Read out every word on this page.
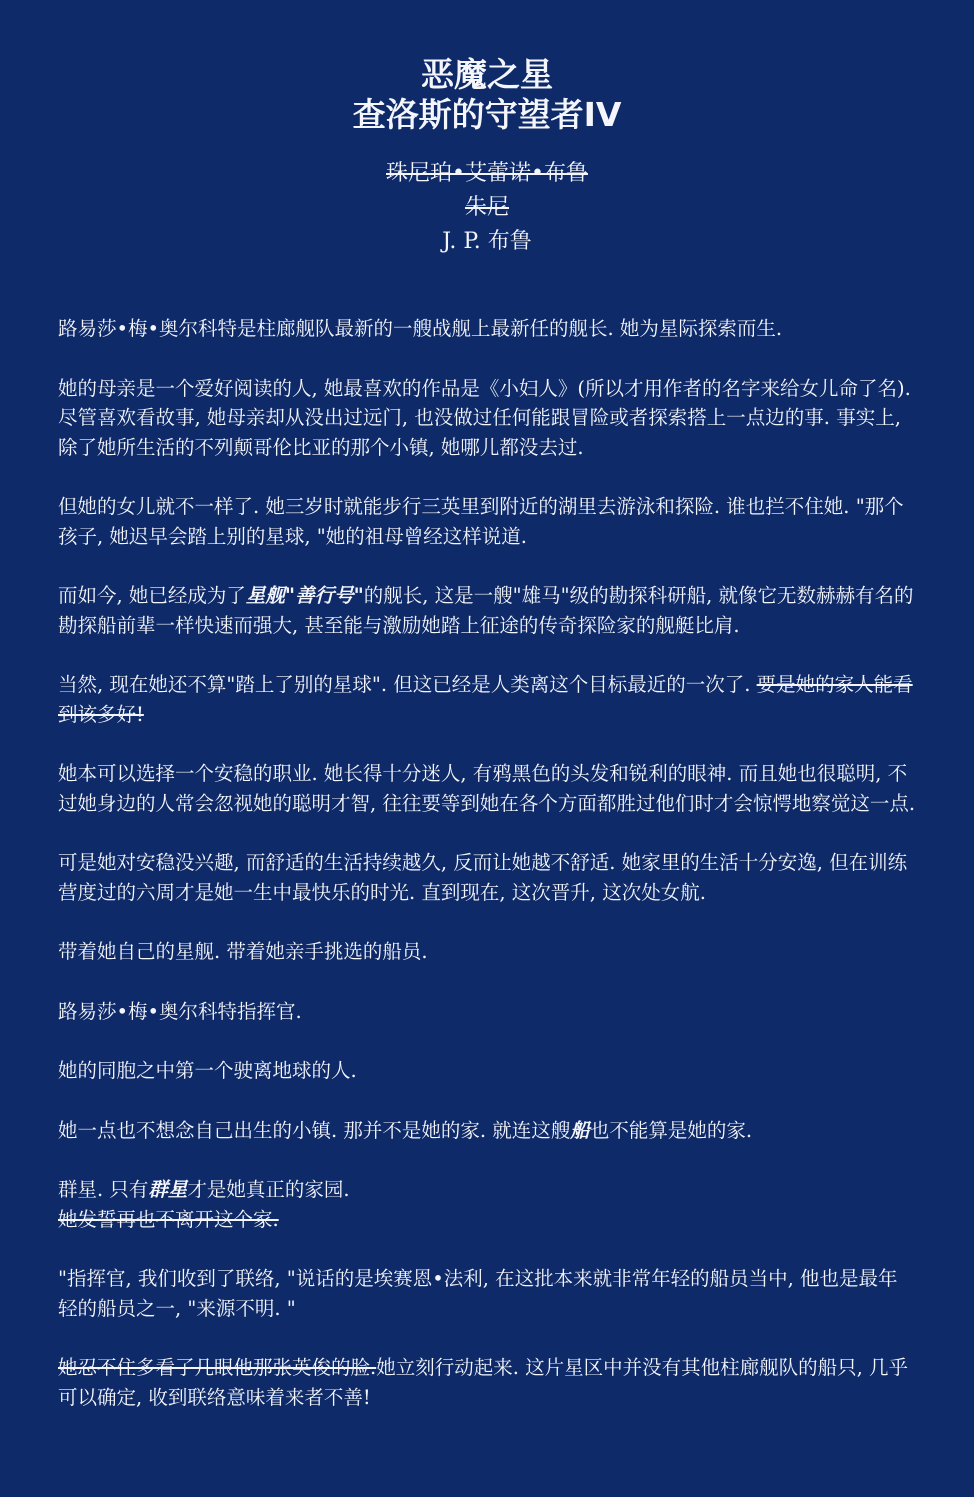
恶魔之星
查洛斯的守望者IV
珠尼珀•艾蕾诺•布鲁
朱尼
J. P. 布鲁

路易莎•梅•奥尔科特是柱廊舰队最新的一艘战舰上最新任的舰长. 她为星际探索而生.

她的母亲是一个爱好阅读的人, 她最喜欢的作品是《小妇人》(所以才用作者的名字来给女儿命了名). 尽管喜欢看故事, 她母亲却从没出过远门, 也没做过任何能跟冒险或者探索搭上一点边的事. 事实上, 除了她所生活的不列颠哥伦比亚的那个小镇, 她哪儿都没去过.

但她的女儿就不一样了. 她三岁时就能步行三英里到附近的湖里去游泳和探险. 谁也拦不住她. "那个孩子, 她迟早会踏上别的星球, "她的祖母曾经这样说道.

而如今, 她已经成为了星舰"善行号"的舰长, 这是一艘"雄马"级的勘探科研船, 就像它无数赫赫有名的勘探船前辈一样快速而强大, 甚至能与激励她踏上征途的传奇探险家的舰艇比肩.

当然, 现在她还不算"踏上了别的星球". 但这已经是人类离这个目标最近的一次了. 要是她的家人能看到该多好!

她本可以选择一个安稳的职业. 她长得十分迷人, 有鸦黑色的头发和锐利的眼神. 而且她也很聪明, 不过她身边的人常会忽视她的聪明才智, 往往要等到她在各个方面都胜过他们时才会惊愕地察觉这一点.

可是她对安稳没兴趣, 而舒适的生活持续越久, 反而让她越不舒适. 她家里的生活十分安逸, 但在训练营度过的六周才是她一生中最快乐的时光. 直到现在, 这次晋升, 这次处女航.

带着她自己的星舰. 带着她亲手挑选的船员.

路易莎•梅•奥尔科特指挥官.

她的同胞之中第一个驶离地球的人.

她一点也不想念自己出生的小镇. 那并不是她的家. 就连这艘船也不能算是她的家.

群星. 只有群星才是她真正的家园.
她发誓再也不离开这个家.

"指挥官, 我们收到了联络, "说话的是埃赛恩•法利, 在这批本来就非常年轻的船员当中, 他也是最年轻的船员之一, "来源不明. "

她忍不住多看了几眼他那张英俊的脸.她立刻行动起来. 这片星区中并没有其他柱廊舰队的船只, 几乎可以确定, 收到联络意味着来者不善!
